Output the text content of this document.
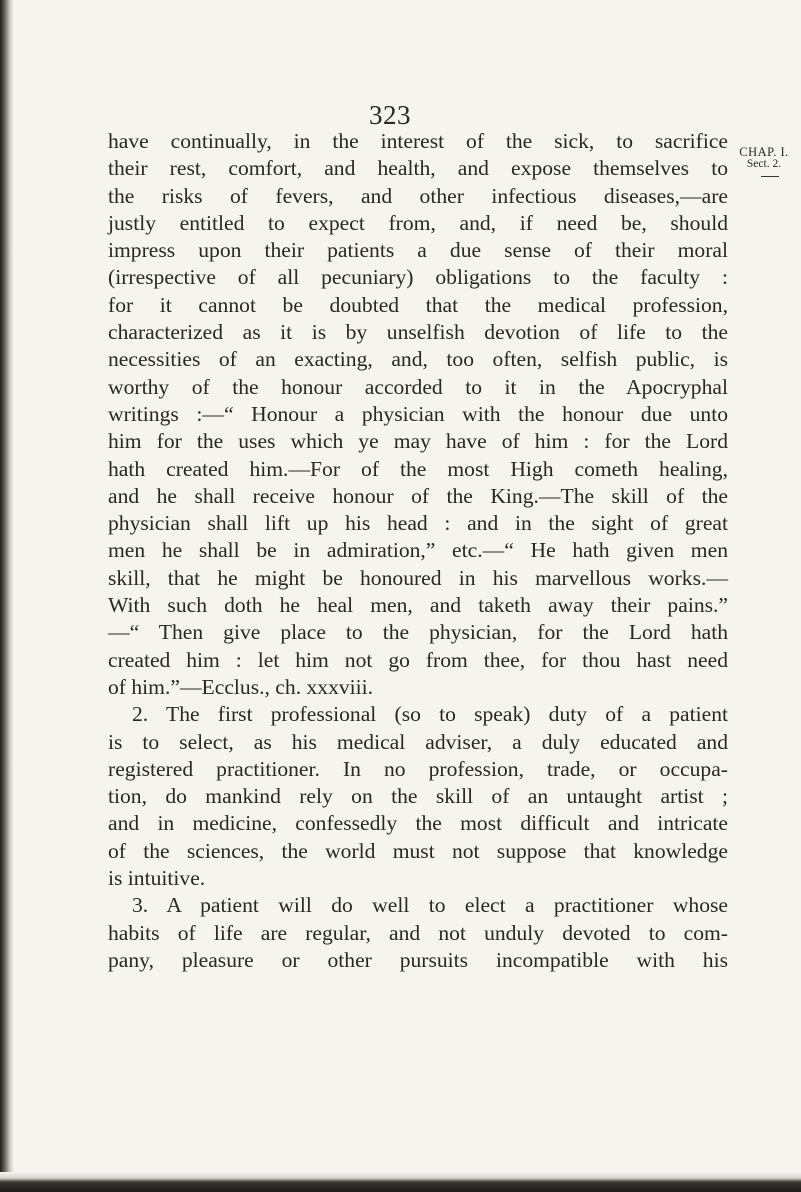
323
CHAP. I.
Sect. 2.
have continually, in the interest of the sick, to sacrifice
their rest, comfort, and health, and expose themselves to
the risks of fevers, and other infectious diseases,—are
justly entitled to expect from, and, if need be, should
impress upon their patients a due sense of their moral
(irrespective of all pecuniary) obligations to the faculty :
for it cannot be doubted that the medical profession,
characterized as it is by unselfish devotion of life to the
necessities of an exacting, and, too often, selfish public, is
worthy of the honour accorded to it in the Apocryphal
writings :—“ Honour a physician with the honour due unto
him for the uses which ye may have of him : for the Lord
hath created him.—For of the most High cometh healing,
and he shall receive honour of the King.—The skill of the
physician shall lift up his head : and in the sight of great
men he shall be in admiration,” etc.—“ He hath given men
skill, that he might be honoured in his marvellous works.—
With such doth he heal men, and taketh away their pains.”
—“ Then give place to the physician, for the Lord hath
created him : let him not go from thee, for thou hast need
of him.”—Ecclus., ch. xxxviii.
2. The first professional (so to speak) duty of a patient
is to select, as his medical adviser, a duly educated and
registered practitioner. In no profession, trade, or occupa-
tion, do mankind rely on the skill of an untaught artist ;
and in medicine, confessedly the most difficult and intricate
of the sciences, the world must not suppose that knowledge
is intuitive.
3. A patient will do well to elect a practitioner whose
habits of life are regular, and not unduly devoted to com-
pany, pleasure or other pursuits incompatible with his
